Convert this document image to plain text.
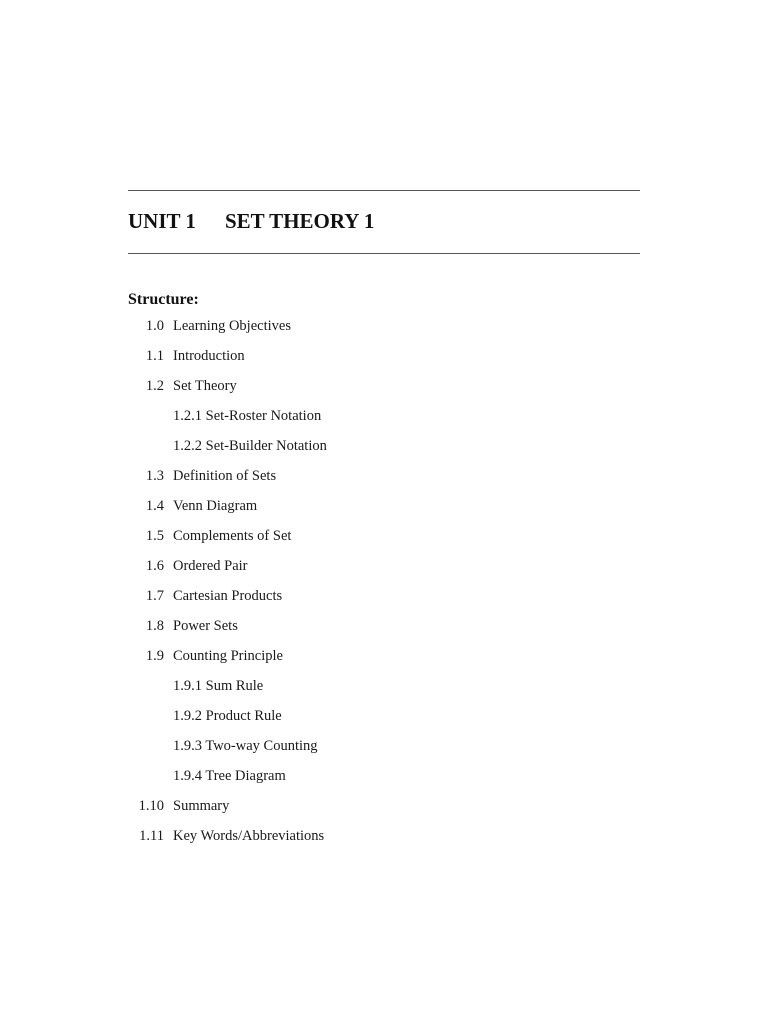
UNIT 1 SET THEORY 1
Structure:
1.0 Learning Objectives
1.1 Introduction
1.2 Set Theory
1.2.1 Set-Roster Notation
1.2.2 Set-Builder Notation
1.3 Definition of Sets
1.4 Venn Diagram
1.5 Complements of Set
1.6 Ordered Pair
1.7 Cartesian Products
1.8 Power Sets
1.9 Counting Principle
1.9.1 Sum Rule
1.9.2 Product Rule
1.9.3 Two-way Counting
1.9.4 Tree Diagram
1.10 Summary
1.11 Key Words/Abbreviations
